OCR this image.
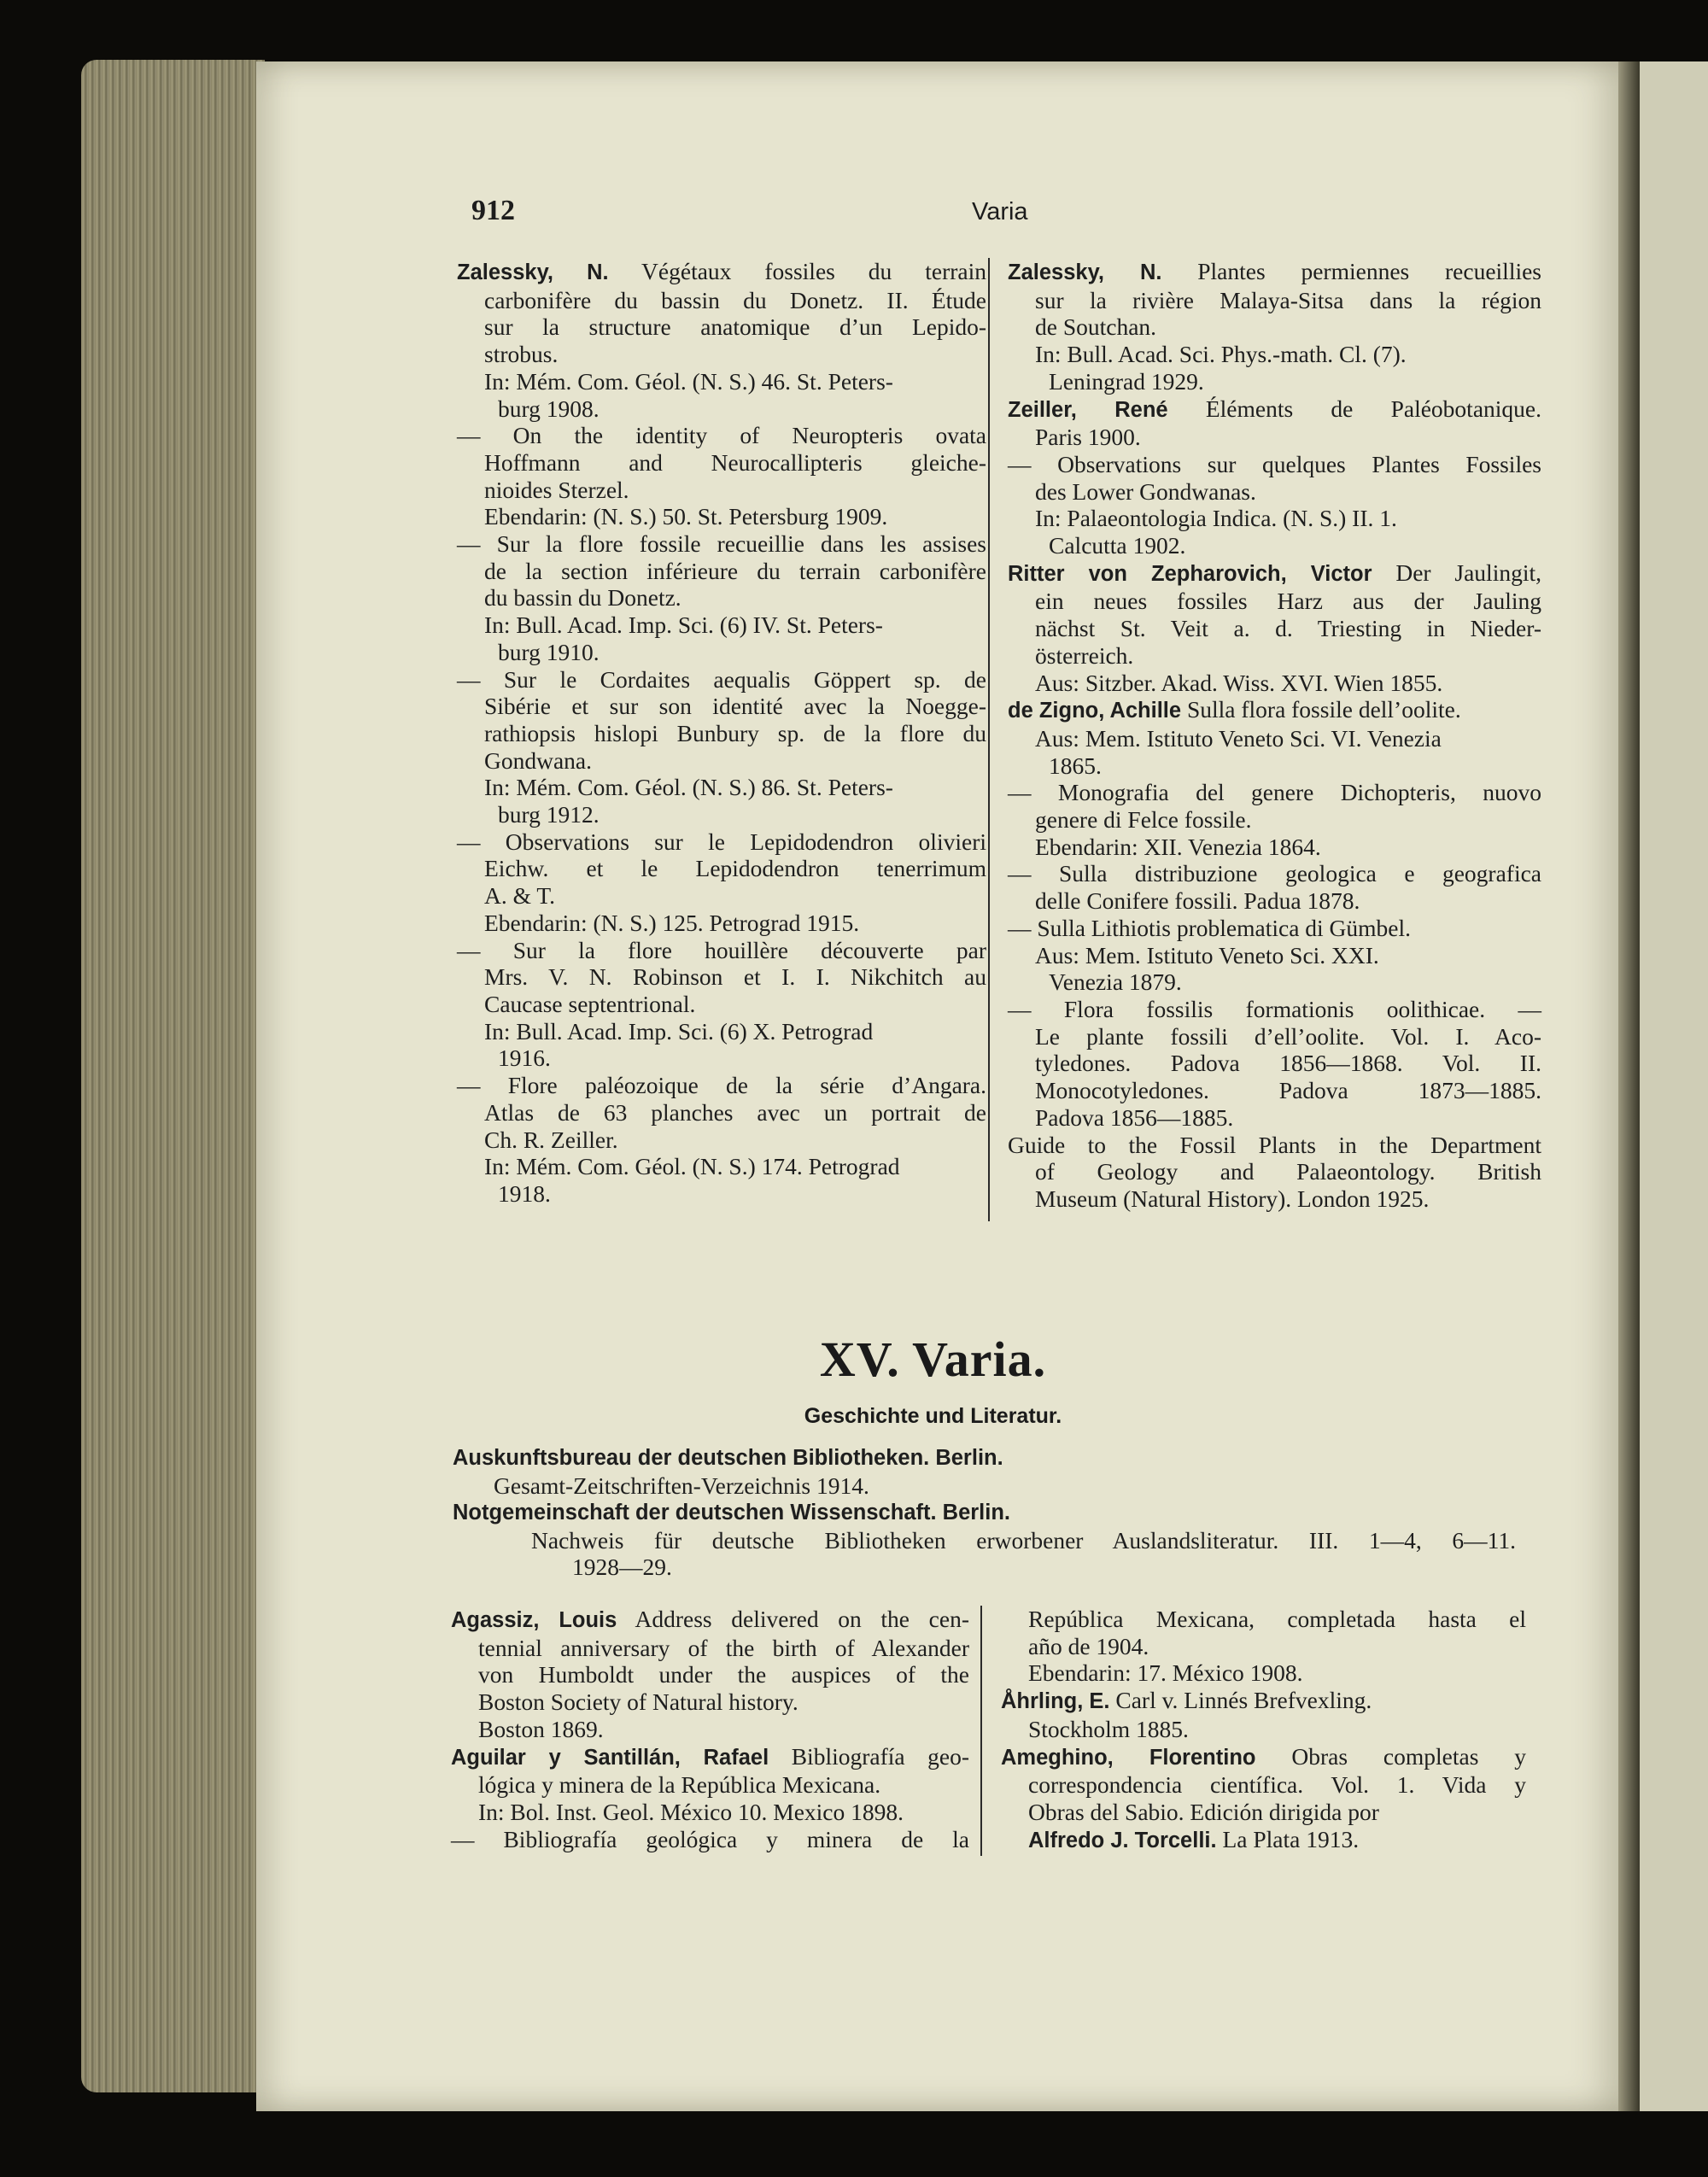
912	Varia
Zalessky, N. Végétaux fossiles du terrain
carbonifère du bassin du Donetz. II. Étude
sur la structure anatomique d’un Lepido-
strobus.
In: Mém. Com. Géol. (N. S.) 46. St. Peters-
burg 1908.
— On the identity of Neuropteris ovata
Hoffmann and Neurocallipteris gleiche-
nioides Sterzel.
Ebendarin: (N. S.) 50. St. Petersburg 1909.
— Sur la flore fossile recueillie dans les assises
de la section inférieure du terrain carbonifère
du bassin du Donetz.
In: Bull. Acad. Imp. Sci. (6) IV. St. Peters-
burg 1910.
— Sur le Cordaites aequalis Göppert sp. de
Sibérie et sur son identité avec la Noegge-
rathiopsis hislopi Bunbury sp. de la flore du
Gondwana.
In: Mém. Com. Géol. (N. S.) 86. St. Peters-
burg 1912.
— Observations sur le Lepidodendron olivieri
Eichw. et le Lepidodendron tenerrimum
A. & T.
Ebendarin: (N. S.) 125. Petrograd 1915.
— Sur la flore houillère découverte par
Mrs. V. N. Robinson et I. I. Nikchitch au
Caucase septentrional.
In: Bull. Acad. Imp. Sci. (6) X. Petrograd
1916.
— Flore paléozoique de la série d’Angara.
Atlas de 63 planches avec un portrait de
Ch. R. Zeiller.
In: Mém. Com. Géol. (N. S.) 174. Petrograd
1918.
Zalessky, N. Plantes permiennes recueillies
sur la rivière Malaya-Sitsa dans la région
de Soutchan.
In: Bull. Acad. Sci. Phys.-math. Cl. (7).
Leningrad 1929.
Zeiller, René Éléments de Paléobotanique.
Paris 1900.
— Observations sur quelques Plantes Fossiles
des Lower Gondwanas.
In: Palaeontologia Indica. (N. S.) II. 1.
Calcutta 1902.
Ritter von Zepharovich, Victor Der Jaulingit,
ein neues fossiles Harz aus der Jauling
nächst St. Veit a. d. Triesting in Nieder-
österreich.
Aus: Sitzber. Akad. Wiss. XVI. Wien 1855.
de Zigno, Achille Sulla flora fossile dell’oolite.
Aus: Mem. Istituto Veneto Sci. VI. Venezia
1865.
— Monografia del genere Dichopteris, nuovo
genere di Felce fossile.
Ebendarin: XII. Venezia 1864.
— Sulla distribuzione geologica e geografica
delle Conifere fossili. Padua 1878.
— Sulla Lithiotis problematica di Gümbel.
Aus: Mem. Istituto Veneto Sci. XXI.
Venezia 1879.
— Flora fossilis formationis oolithicae. —
Le plante fossili d’ell’oolite. Vol. I. Aco-
tyledones. Padova 1856—1868. Vol. II.
Monocotyledones. Padova 1873—1885.
Padova 1856—1885.
Guide to the Fossil Plants in the Department
of Geology and Palaeontology. British
Museum (Natural History). London 1925.
XV. Varia.
Geschichte und Literatur.
Auskunftsbureau der deutschen Bibliotheken. Berlin.
Gesamt-Zeitschriften-Verzeichnis 1914.
Notgemeinschaft der deutschen Wissenschaft. Berlin.
Nachweis für deutsche Bibliotheken erworbener Auslandsliteratur. III. 1—4, 6—11.
1928—29.
Agassiz, Louis Address delivered on the cen-
tennial anniversary of the birth of Alexander
von Humboldt under the auspices of the
Boston Society of Natural history.
Boston 1869.
Aguilar y Santillán, Rafael Bibliografía geo-
lógica y minera de la República Mexicana.
In: Bol. Inst. Geol. México 10. Mexico 1898.
— Bibliografía geológica y minera de la
República Mexicana, completada hasta el
año de 1904.
Ebendarin: 17. México 1908.
Åhrling, E. Carl v. Linnés Brefvexling.
Stockholm 1885.
Ameghino, Florentino Obras completas y
correspondencia científica. Vol. 1. Vida y
Obras del Sabio. Edición dirigida por
Alfredo J. Torcelli. La Plata 1913.
